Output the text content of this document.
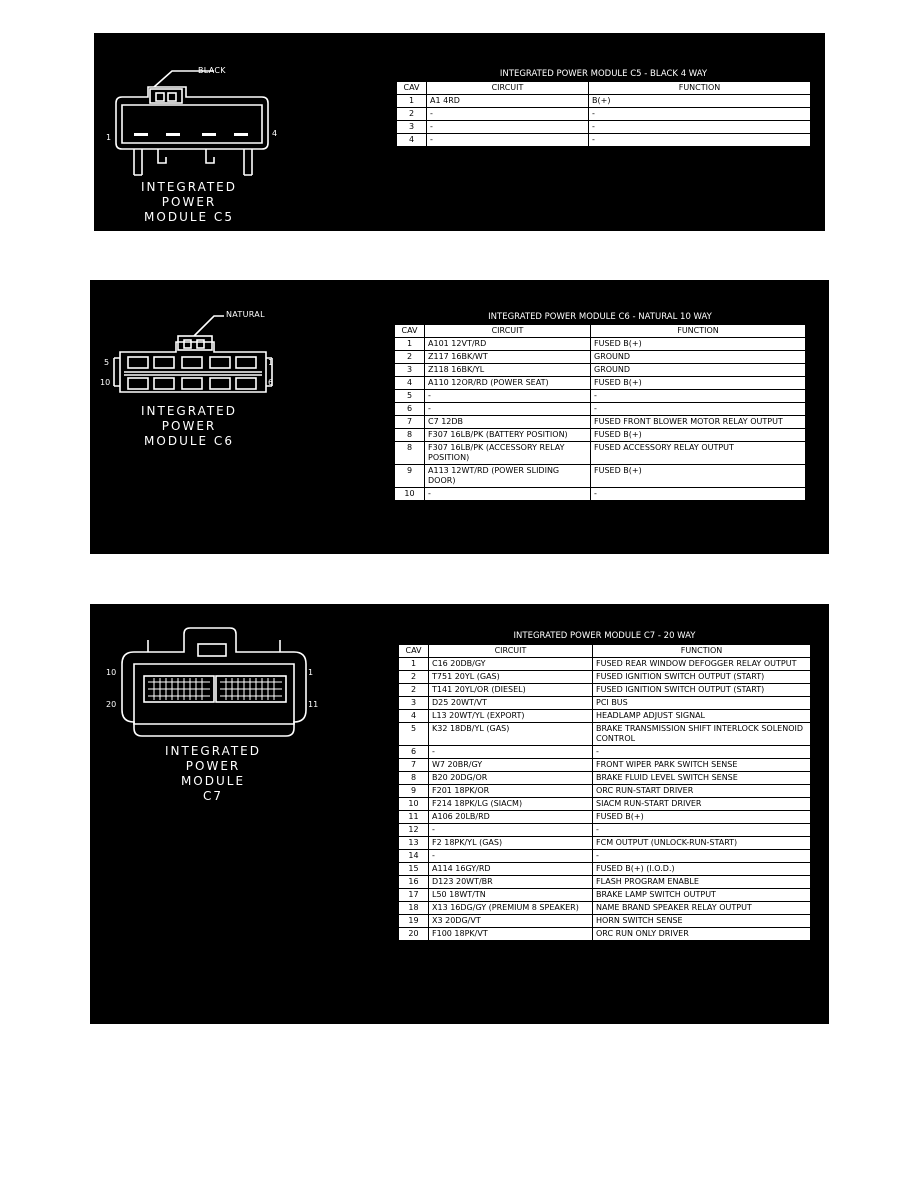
BLACK
1	4
INTEGRATED
POWER
MODULE C5
INTEGRATED POWER MODULE C5 - BLACK 4 WAY
CAV	CIRCUIT	FUNCTION
1	A1 4RD	B(+)
2	-	-
3	-	-
4	-	-
NATURAL
5	1
10	6
INTEGRATED
POWER
MODULE C6
INTEGRATED POWER MODULE C6 - NATURAL 10 WAY
CAV	CIRCUIT	FUNCTION
1	A101 12VT/RD	FUSED B(+)
2	Z117 16BK/WT	GROUND
3	Z118 16BK/YL	GROUND
4	A110 12OR/RD (POWER SEAT)	FUSED B(+)
5	-	-
6	-	-
7	C7 12DB	FUSED FRONT BLOWER MOTOR RELAY OUTPUT
8	F307 16LB/PK (BATTERY POSITION)	FUSED B(+)
8	F307 16LB/PK (ACCESSORY RELAY POSITION)	FUSED ACCESSORY RELAY OUTPUT
9	A113 12WT/RD (POWER SLIDING DOOR)	FUSED B(+)
10	-	-
10	1
20	11
INTEGRATED
POWER
MODULE
C7
INTEGRATED POWER MODULE C7 - 20 WAY
CAV	CIRCUIT	FUNCTION
1	C16 20DB/GY	FUSED REAR WINDOW DEFOGGER RELAY OUTPUT
2	T751 20YL (GAS)	FUSED IGNITION SWITCH OUTPUT (START)
2	T141 20YL/OR (DIESEL)	FUSED IGNITION SWITCH OUTPUT (START)
3	D25 20WT/VT	PCI BUS
4	L13 20WT/YL (EXPORT)	HEADLAMP ADJUST SIGNAL
5	K32 18DB/YL (GAS)	BRAKE TRANSMISSION SHIFT INTERLOCK SOLENOID CONTROL
6	-	-
7	W7 20BR/GY	FRONT WIPER PARK SWITCH SENSE
8	B20 20DG/OR	BRAKE FLUID LEVEL SWITCH SENSE
9	F201 18PK/OR	ORC RUN-START DRIVER
10	F214 18PK/LG (SIACM)	SIACM RUN-START DRIVER
11	A106 20LB/RD	FUSED B(+)
12	-	-
13	F2 18PK/YL (GAS)	FCM OUTPUT (UNLOCK-RUN-START)
14	-	-
15	A114 16GY/RD	FUSED B(+) (I.O.D.)
16	D123 20WT/BR	FLASH PROGRAM ENABLE
17	L50 18WT/TN	BRAKE LAMP SWITCH OUTPUT
18	X13 16DG/GY (PREMIUM 8 SPEAKER)	NAME BRAND SPEAKER RELAY OUTPUT
19	X3 20DG/VT	HORN SWITCH SENSE
20	F100 18PK/VT	ORC RUN ONLY DRIVER
